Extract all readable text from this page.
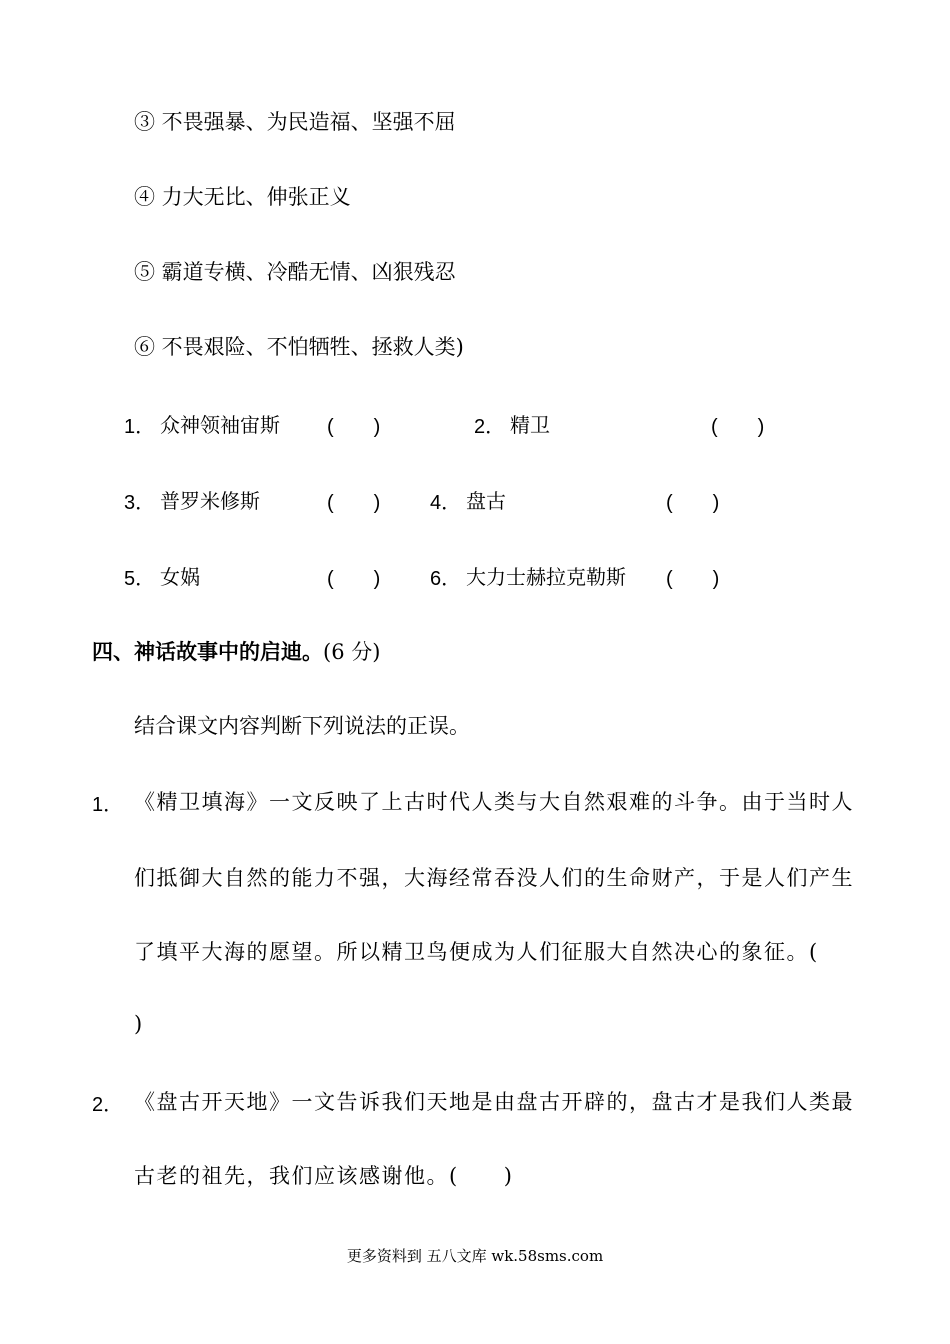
③ 不畏强暴、为民造福、坚强不屈
④ 力大无比、伸张正义
⑤ 霸道专横、冷酷无情、凶狠残忍
⑥ 不畏艰险、不怕牺牲、拯救人类)
1． 众神领袖宙斯 (　　)	2． 精卫	(　　)
3． 普罗米修斯	(　　) 4． 盘古	(　　)
5． 女娲	(　　) 6． 大力士赫拉克勒斯 (　　)
四、神话故事中的启迪。(6 分)
结合课文内容判断下列说法的正误。
1． 《精卫填海》一文反映了上古时代人类与大自然艰难的斗争。由于当时人
们抵御大自然的能力不强，大海经常吞没人们的生命财产，于是人们产生
了填平大海的愿望。所以精卫鸟便成为人们征服大自然决心的象征。(
)
2． 《盘古开天地》一文告诉我们天地是由盘古开辟的，盘古才是我们人类最
古老的祖先，我们应该感谢他。(　　)
更多资料到 五八文库 wk.58sms.com
